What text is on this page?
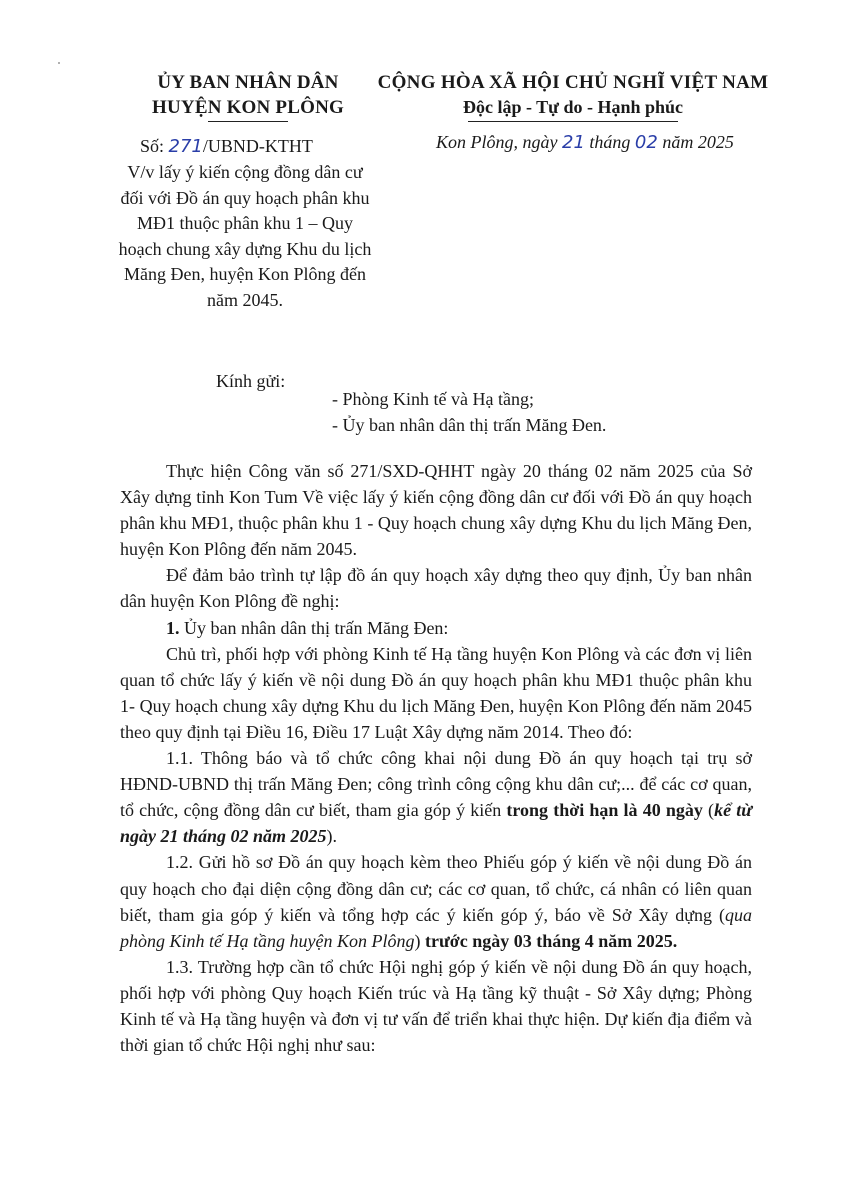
ỦY BAN NHÂN DÂN
HUYỆN KON PLÔNG
CỘNG HÒA XÃ HỘI CHỦ NGHĨ VIỆT NAM
Độc lập - Tự do - Hạnh phúc
Số: 271/UBND-KTHT	Kon Plông, ngày 21 tháng 02 năm 2025
V/v lấy ý kiến cộng đồng dân cư đối với Đồ án quy hoạch phân khu MĐ1 thuộc phân khu 1 – Quy hoạch chung xây dựng Khu du lịch Măng Đen, huyện Kon Plông đến năm 2045.
Kính gửi:
- Phòng Kinh tế và Hạ tầng;
- Ủy ban nhân dân thị trấn Măng Đen.

Thực hiện Công văn số 271/SXD-QHHT ngày 20 tháng 02 năm 2025 của Sở Xây dựng tỉnh Kon Tum Về việc lấy ý kiến cộng đồng dân cư đối với Đồ án quy hoạch phân khu MĐ1, thuộc phân khu 1 - Quy hoạch chung xây dựng Khu du lịch Măng Đen, huyện Kon Plông đến năm 2045.

Để đảm bảo trình tự lập đồ án quy hoạch xây dựng theo quy định, Ủy ban nhân dân huyện Kon Plông đề nghị:

1. Ủy ban nhân dân thị trấn Măng Đen:

Chủ trì, phối hợp với phòng Kinh tế Hạ tầng huyện Kon Plông và các đơn vị liên quan tổ chức lấy ý kiến về nội dung Đồ án quy hoạch phân khu MĐ1 thuộc phân khu 1- Quy hoạch chung xây dựng Khu du lịch Măng Đen, huyện Kon Plông đến năm 2045 theo quy định tại Điều 16, Điều 17 Luật Xây dựng năm 2014. Theo đó:

1.1. Thông báo và tổ chức công khai nội dung Đồ án quy hoạch tại trụ sở HĐND-UBND thị trấn Măng Đen; công trình công cộng khu dân cư;... để các cơ quan, tổ chức, cộng đồng dân cư biết, tham gia góp ý kiến trong thời hạn là 40 ngày (kể từ ngày 21 tháng 02 năm 2025).

1.2. Gửi hồ sơ Đồ án quy hoạch kèm theo Phiếu góp ý kiến về nội dung Đồ án quy hoạch cho đại diện cộng đồng dân cư; các cơ quan, tổ chức, cá nhân có liên quan biết, tham gia góp ý kiến và tổng hợp các ý kiến góp ý, báo về Sở Xây dựng (qua phòng Kinh tế Hạ tầng huyện Kon Plông) trước ngày 03 tháng 4 năm 2025.

1.3. Trường hợp cần tổ chức Hội nghị góp ý kiến về nội dung Đồ án quy hoạch, phối hợp với phòng Quy hoạch Kiến trúc và Hạ tầng kỹ thuật - Sở Xây dựng; Phòng Kinh tế và Hạ tầng huyện và đơn vị tư vấn để triển khai thực hiện. Dự kiến địa điểm và thời gian tổ chức Hội nghị như sau:
